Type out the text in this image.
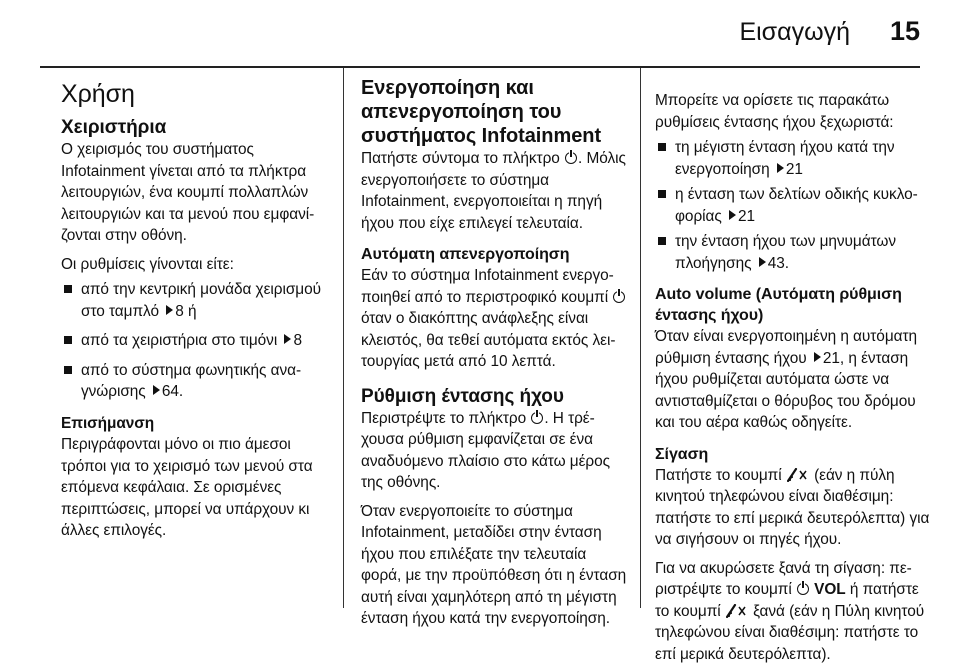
Εισαγωγή	15
Χρήση

Χειριστήρια

Ο χειρισμός του συστήματος Infotainment γίνεται από τα πλήκτρα λειτουργιών, ένα κουμπί πολλαπλών λειτουργιών και τα μενού που εμφανίζονται στην οθόνη.

Οι ρυθμίσεις γίνονται είτε:

από την κεντρική μονάδα χειρισμού στο ταμπλό 8 ή
από τα χειριστήρια στο τιμόνι 8
από το σύστημα φωνητικής αναγνώρισης 64.

Επισήμανση

Περιγράφονται μόνο οι πιο άμεσοι τρόποι για το χειρισμό των μενού στα επόμενα κεφάλαια. Σε ορισμένες περιπτώσεις, μπορεί να υπάρχουν κι άλλες επιλογές.

Ενεργοποίηση και απενεργοποίηση του συστήματος Infotainment

Πατήστε σύντομα το πλήκτρο . Μόλις ενεργοποιήσετε το σύστημα Infotainment, ενεργοποιείται η πηγή ήχου που είχε επιλεγεί τελευταία.

Αυτόματη απενεργοποίηση

Εάν το σύστημα Infotainment ενεργοποιηθεί από το περιστροφικό κουμπί  όταν ο διακόπτης ανάφλεξης είναι κλειστός, θα τεθεί αυτόματα εκτός λειτουργίας μετά από 10 λεπτά.

Ρύθμιση έντασης ήχου

Περιστρέψτε το πλήκτρο . Η τρέχουσα ρύθμιση εμφανίζεται σε ένα αναδυόμενο πλαίσιο στο κάτω μέρος της οθόνης.

Όταν ενεργοποιείτε το σύστημα Infotainment, μεταδίδει στην ένταση ήχου που επιλέξατε την τελευταία φορά, με την προϋπόθεση ότι η ένταση αυτή είναι χαμηλότερη από τη μέγιστη ένταση ήχου κατά την ενεργοποίηση.

Μπορείτε να ορίσετε τις παρακάτω ρυθμίσεις έντασης ήχου ξεχωριστά:

τη μέγιστη ένταση ήχου κατά την ενεργοποίηση 21
η ένταση των δελτίων οδικής κυκλοφορίας 21
την ένταση ήχου των μηνυμάτων πλοήγησης 43.

Auto volume (Αυτόματη ρύθμιση έντασης ήχου)

Όταν είναι ενεργοποιημένη η αυτόματη ρύθμιση έντασης ήχου 21, η ένταση ήχου ρυθμίζεται αυτόματα ώστε να αντισταθμίζεται ο θόρυβος του δρόμου και του αέρα καθώς οδηγείτε.

Σίγαση

Πατήστε το κουμπί (εάν η πύλη κινητού τηλεφώνου είναι διαθέσιμη: πατήστε το επί μερικά δευτερόλεπτα) για να σιγήσουν οι πηγές ήχου.

Για να ακυρώσετε ξανά τη σίγαση: περιστρέψτε το κουμπί VOL ή πατήστε το κουμπί ξανά (εάν η Πύλη κινητού τηλεφώνου είναι διαθέσιμη: πατήστε το επί μερικά δευτερόλεπτα).
